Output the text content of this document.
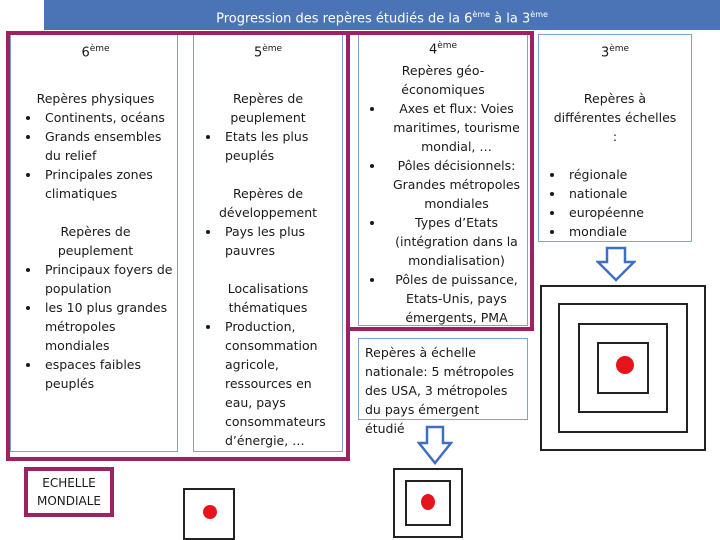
Progression des repères étudiés de la 6ème à la 3ème
6ème
Repères physiques
• Continents, océans
• Grands ensembles du relief
• Principales zones climatiques
Repères de peuplement
• Principaux foyers de population
• les 10 plus grandes métropoles mondiales
• espaces faibles peuplés
5ème
Repères de peuplement
• Etats les plus peuplés
Repères de développement
• Pays les plus pauvres
Localisations thématiques
• Production, consommation agricole, ressources en eau, pays consommateurs d’énergie, …
4ème
Repères géo-économiques
• Axes et flux: Voies maritimes, tourisme mondial, …
• Pôles décisionnels: Grandes métropoles mondiales
• Types d’Etats (intégration dans la mondialisation)
• Pôles de puissance, Etats-Unis, pays émergents, PMA
3ème
Repères à différentes échelles :
• régionale
• nationale
• européenne
• mondiale
ECHELLE MONDIALE
Repères à échelle nationale: 5 métropoles des USA, 3 métropoles du pays émergent étudié
